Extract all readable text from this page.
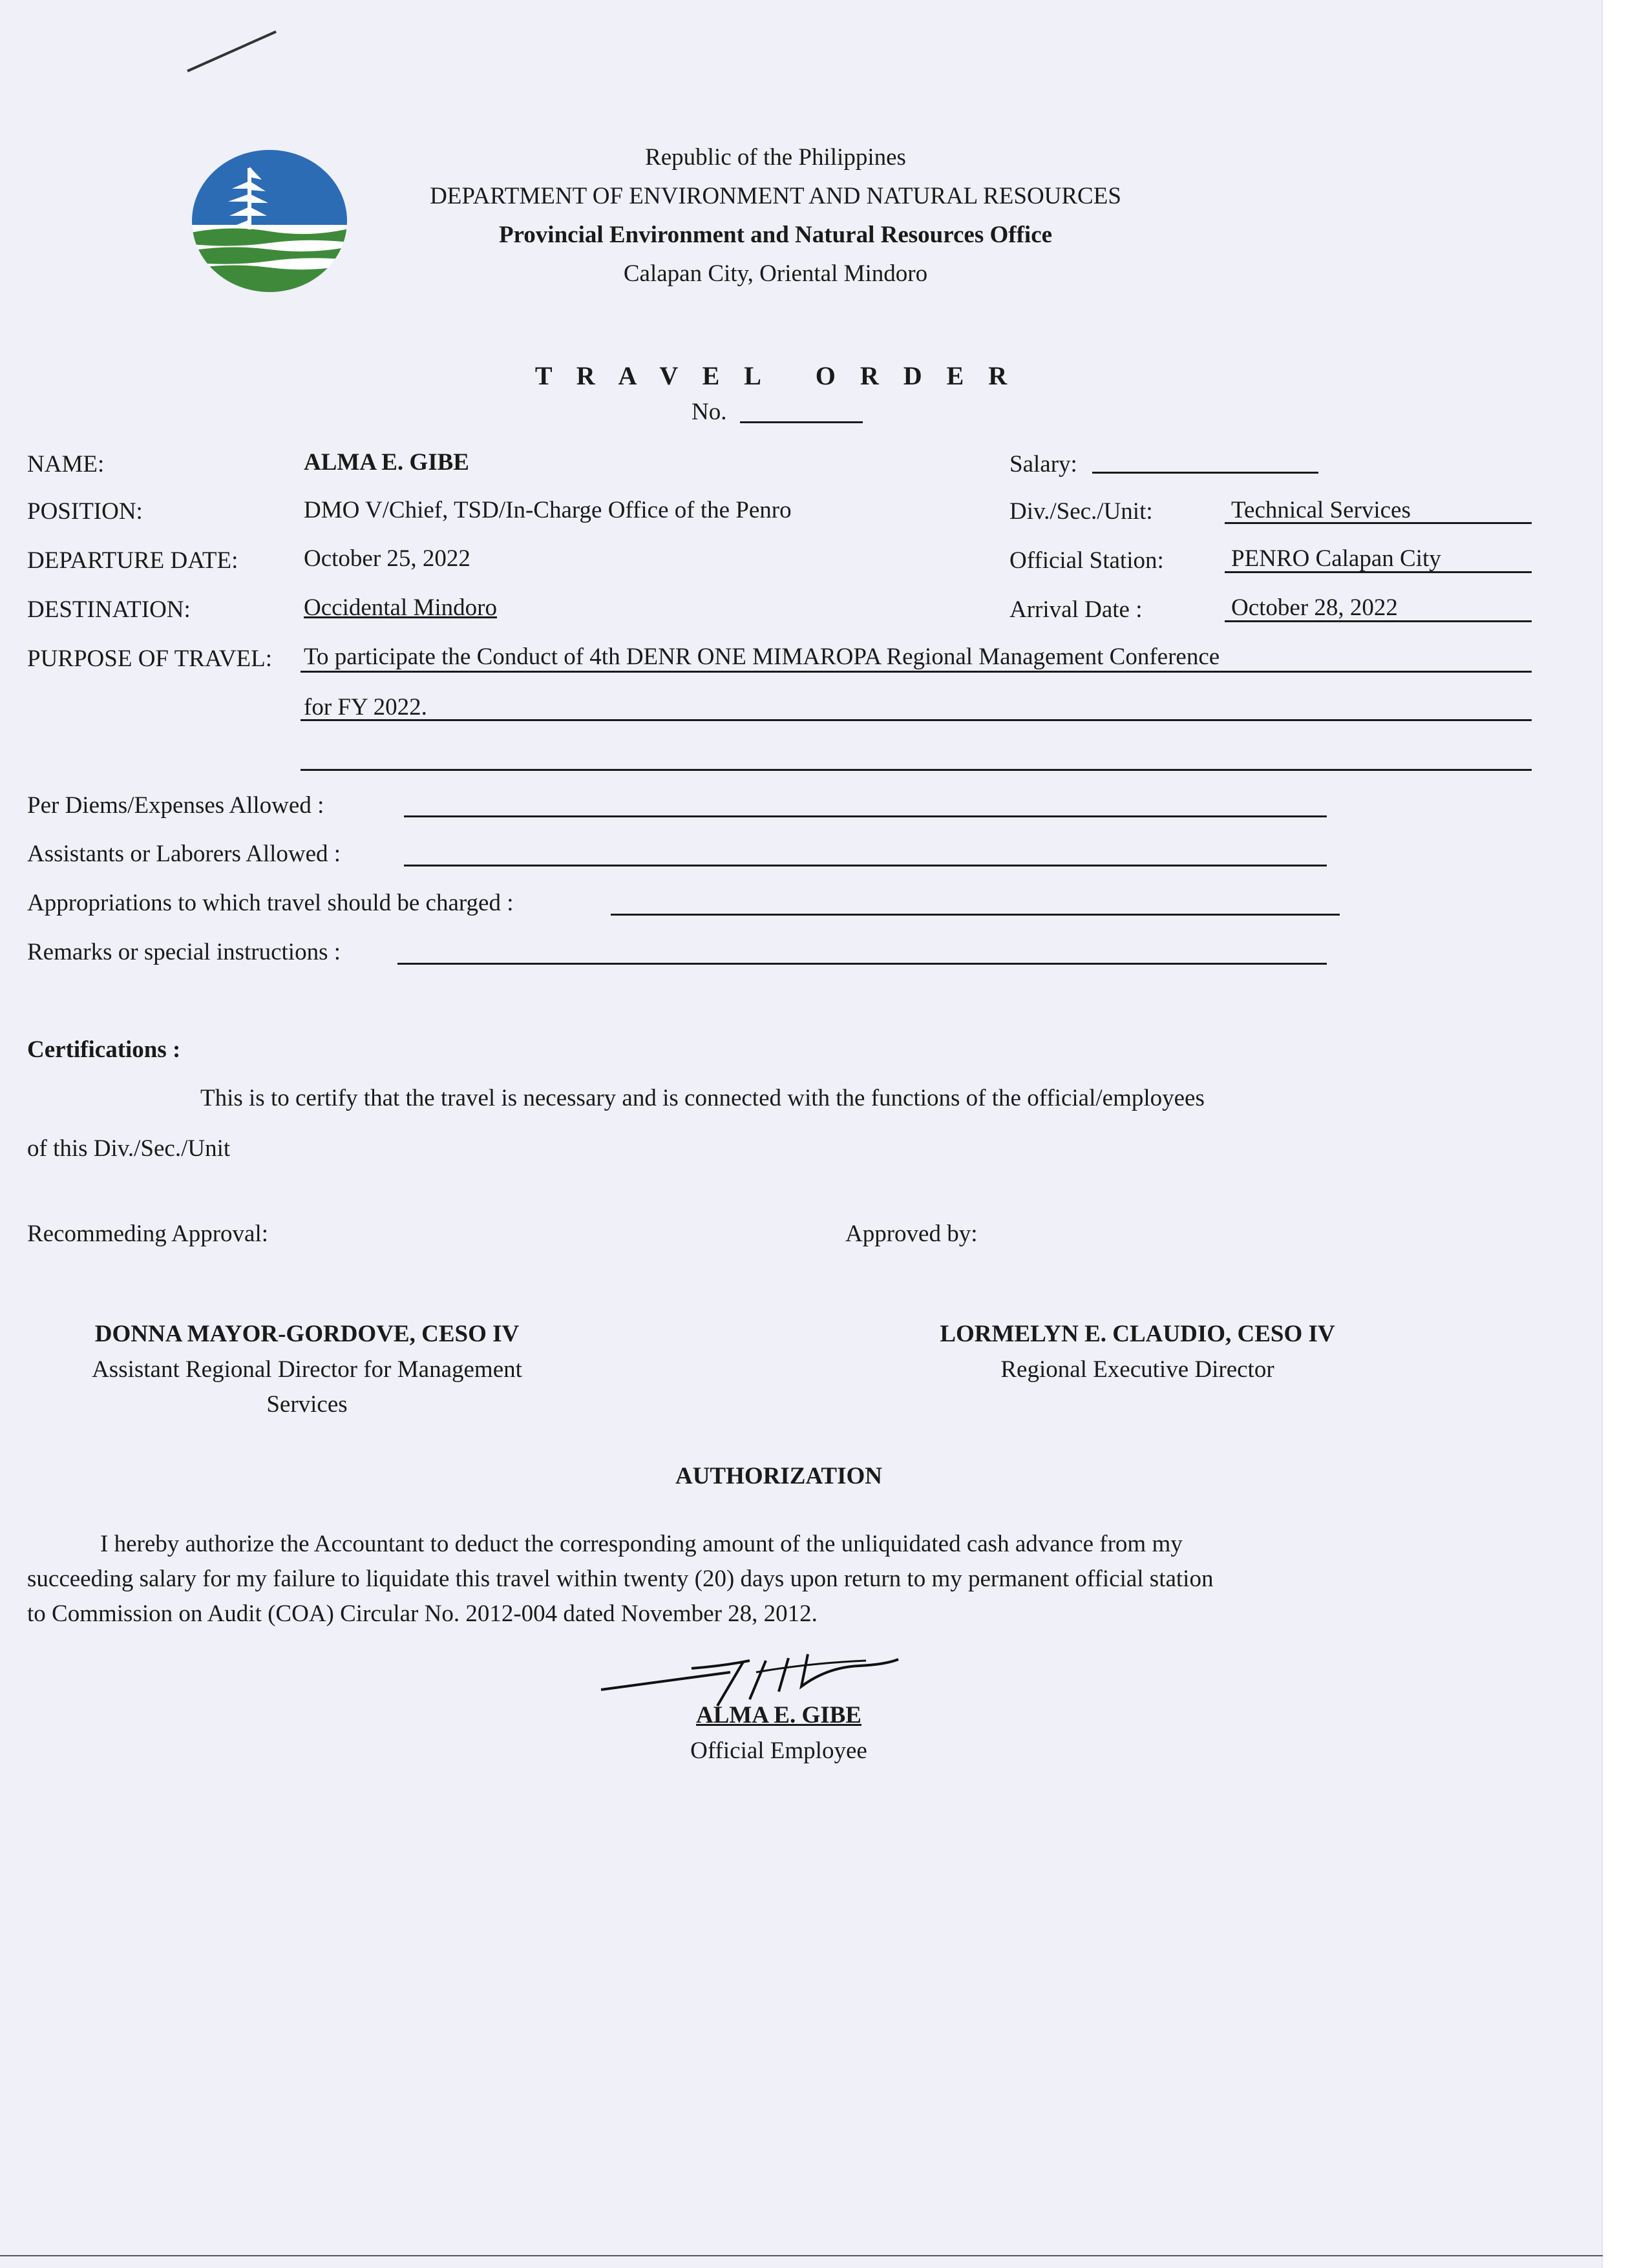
Republic of the Philippines
DEPARTMENT OF ENVIRONMENT AND NATURAL RESOURCES
Provincial Environment and Natural Resources Office
Calapan City, Oriental Mindoro
T R A V E L   O R D E R
No.
NAME:	ALMA E. GIBE
POSITION:	DMO V/Chief, TSD/In-Charge Office of the Penro
DEPARTURE DATE:	October 25, 2022
DESTINATION:	Occidental Mindoro
Salary:
Div./Sec./Unit:	Technical Services
Official Station:	PENRO Calapan City
Arrival Date :	October 28, 2022
PURPOSE OF TRAVEL: To participate the Conduct of 4th DENR ONE MIMAROPA Regional Management Conference
for FY 2022.
Per Diems/Expenses Allowed :
Assistants or Laborers Allowed :
Appropriations to which travel should be charged :
Remarks or special instructions :
Certifications :
This is to certify that the travel is necessary and is connected with the functions of the official/employees
of this Div./Sec./Unit
Recommeding Approval:	Approved by:
DONNA MAYOR-GORDOVE, CESO IV
Assistant Regional Director for Management
Services
LORMELYN E. CLAUDIO, CESO IV
Regional Executive Director
AUTHORIZATION
I hereby authorize the Accountant to deduct the corresponding amount of the unliquidated cash advance from my
succeeding salary for my failure to liquidate this travel within twenty (20) days upon return to my permanent official station
to Commission on Audit (COA) Circular No. 2012-004 dated November 28, 2012.
ALMA E. GIBE
Official Employee
